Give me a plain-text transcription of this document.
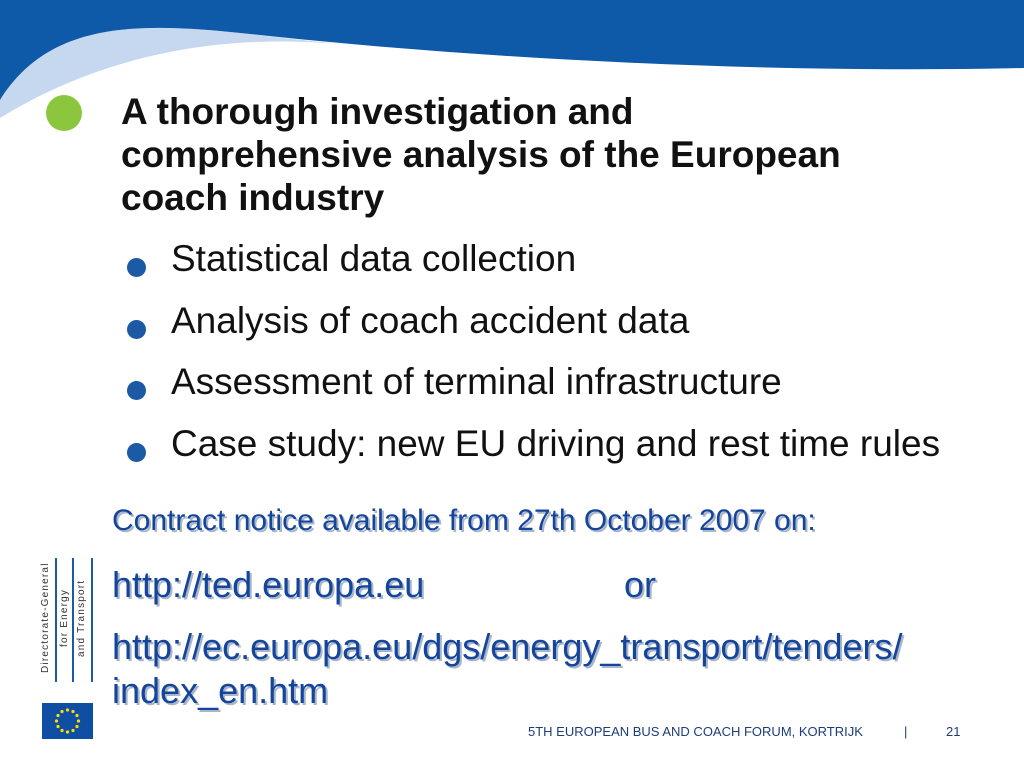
A thorough investigation and
comprehensive analysis of the European
coach industry
Statistical data collection
Analysis of coach accident data
Assessment of terminal infrastructure
Case study: new EU driving and rest time rules
Contract notice available from 27th October 2007 on:
http://ted.europa.eu	or
http://ec.europa.eu/dgs/energy_transport/tenders/
index_en.htm
Directorate-General for Energy and Transport
5TH EUROPEAN BUS AND COACH FORUM, KORTRIJK	|	21
